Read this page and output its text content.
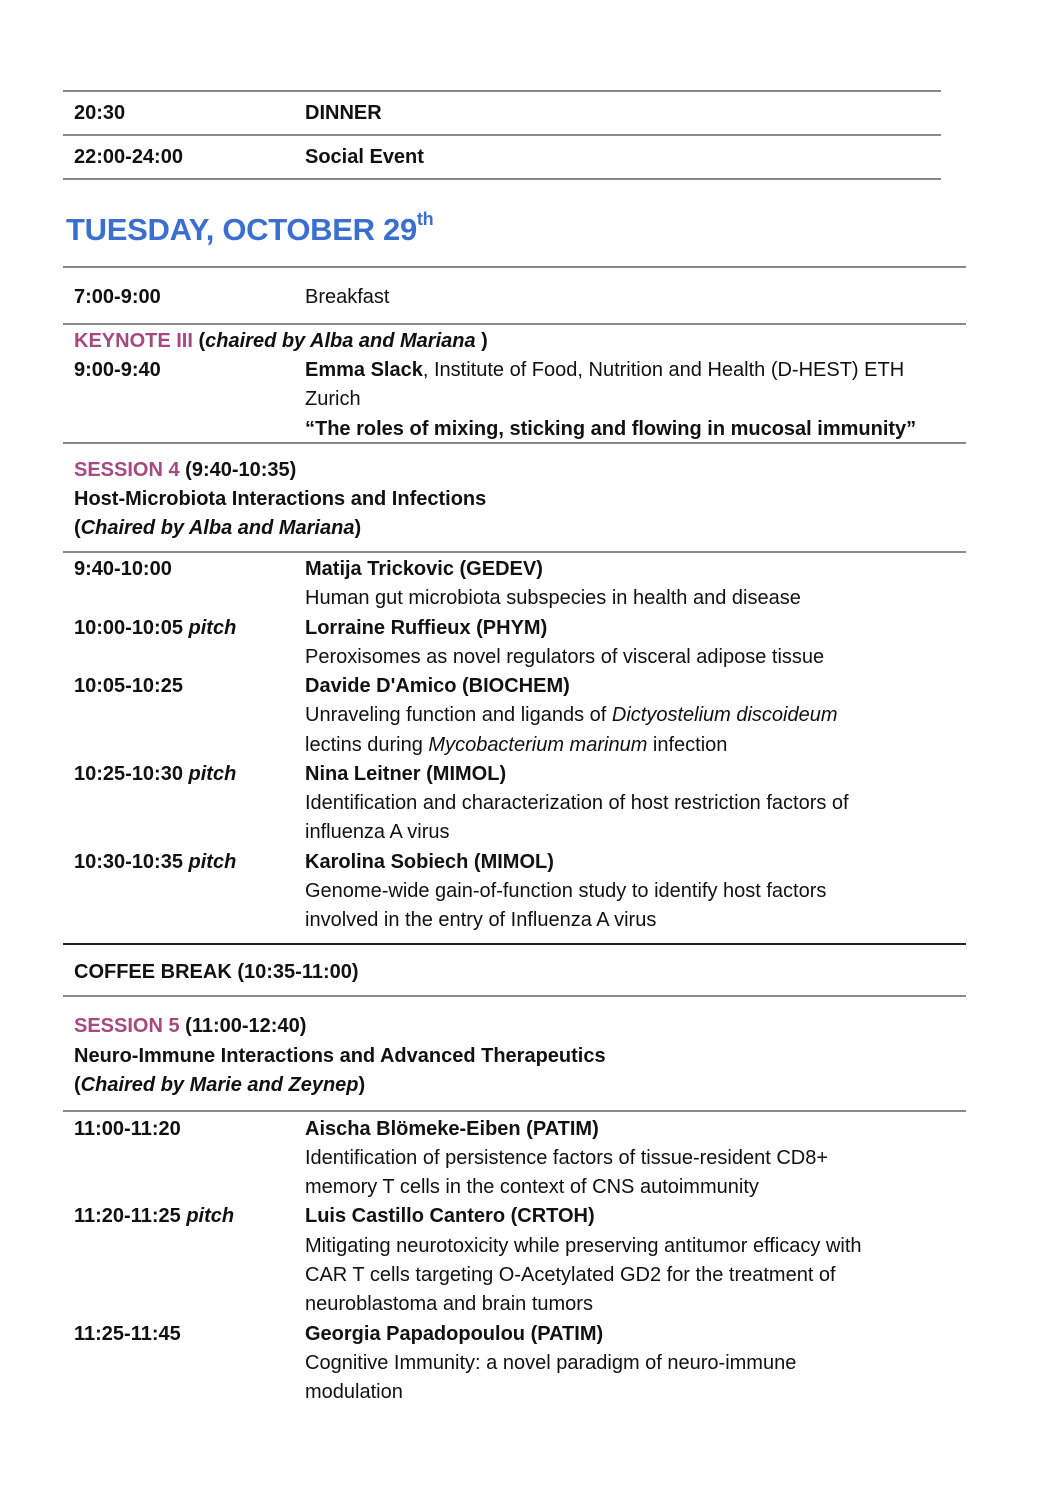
20:30	DINNER
22:00-24:00	Social Event
TUESDAY, OCTOBER 29th
7:00-9:00	Breakfast
KEYNOTE III (chaired by Alba and Mariana )
9:00-9:40	Emma Slack, Institute of Food, Nutrition and Health (D-HEST) ETH
Zurich
“The roles of mixing, sticking and flowing in mucosal immunity”
SESSION 4 (9:40-10:35)
Host-Microbiota Interactions and Infections
(Chaired by Alba and Mariana)
9:40-10:00	Matija Trickovic (GEDEV)
Human gut microbiota subspecies in health and disease
10:00-10:05 pitch	Lorraine Ruffieux (PHYM)
Peroxisomes as novel regulators of visceral adipose tissue
10:05-10:25	Davide D'Amico (BIOCHEM)
Unraveling function and ligands of Dictyostelium discoideum
lectins during Mycobacterium marinum infection
10:25-10:30 pitch	Nina Leitner (MIMOL)
Identification and characterization of host restriction factors of
influenza A virus
10:30-10:35 pitch	Karolina Sobiech (MIMOL)
Genome-wide gain-of-function study to identify host factors
involved in the entry of Influenza A virus
COFFEE BREAK (10:35-11:00)
SESSION 5 (11:00-12:40)
Neuro-Immune Interactions and Advanced Therapeutics
(Chaired by Marie and Zeynep)
11:00-11:20	Aischa Blömeke-Eiben (PATIM)
Identification of persistence factors of tissue-resident CD8+
memory T cells in the context of CNS autoimmunity
11:20-11:25 pitch	Luis Castillo Cantero (CRTOH)
Mitigating neurotoxicity while preserving antitumor efficacy with
CAR T cells targeting O-Acetylated GD2 for the treatment of
neuroblastoma and brain tumors
11:25-11:45	Georgia Papadopoulou (PATIM)
Cognitive Immunity: a novel paradigm of neuro-immune
modulation
